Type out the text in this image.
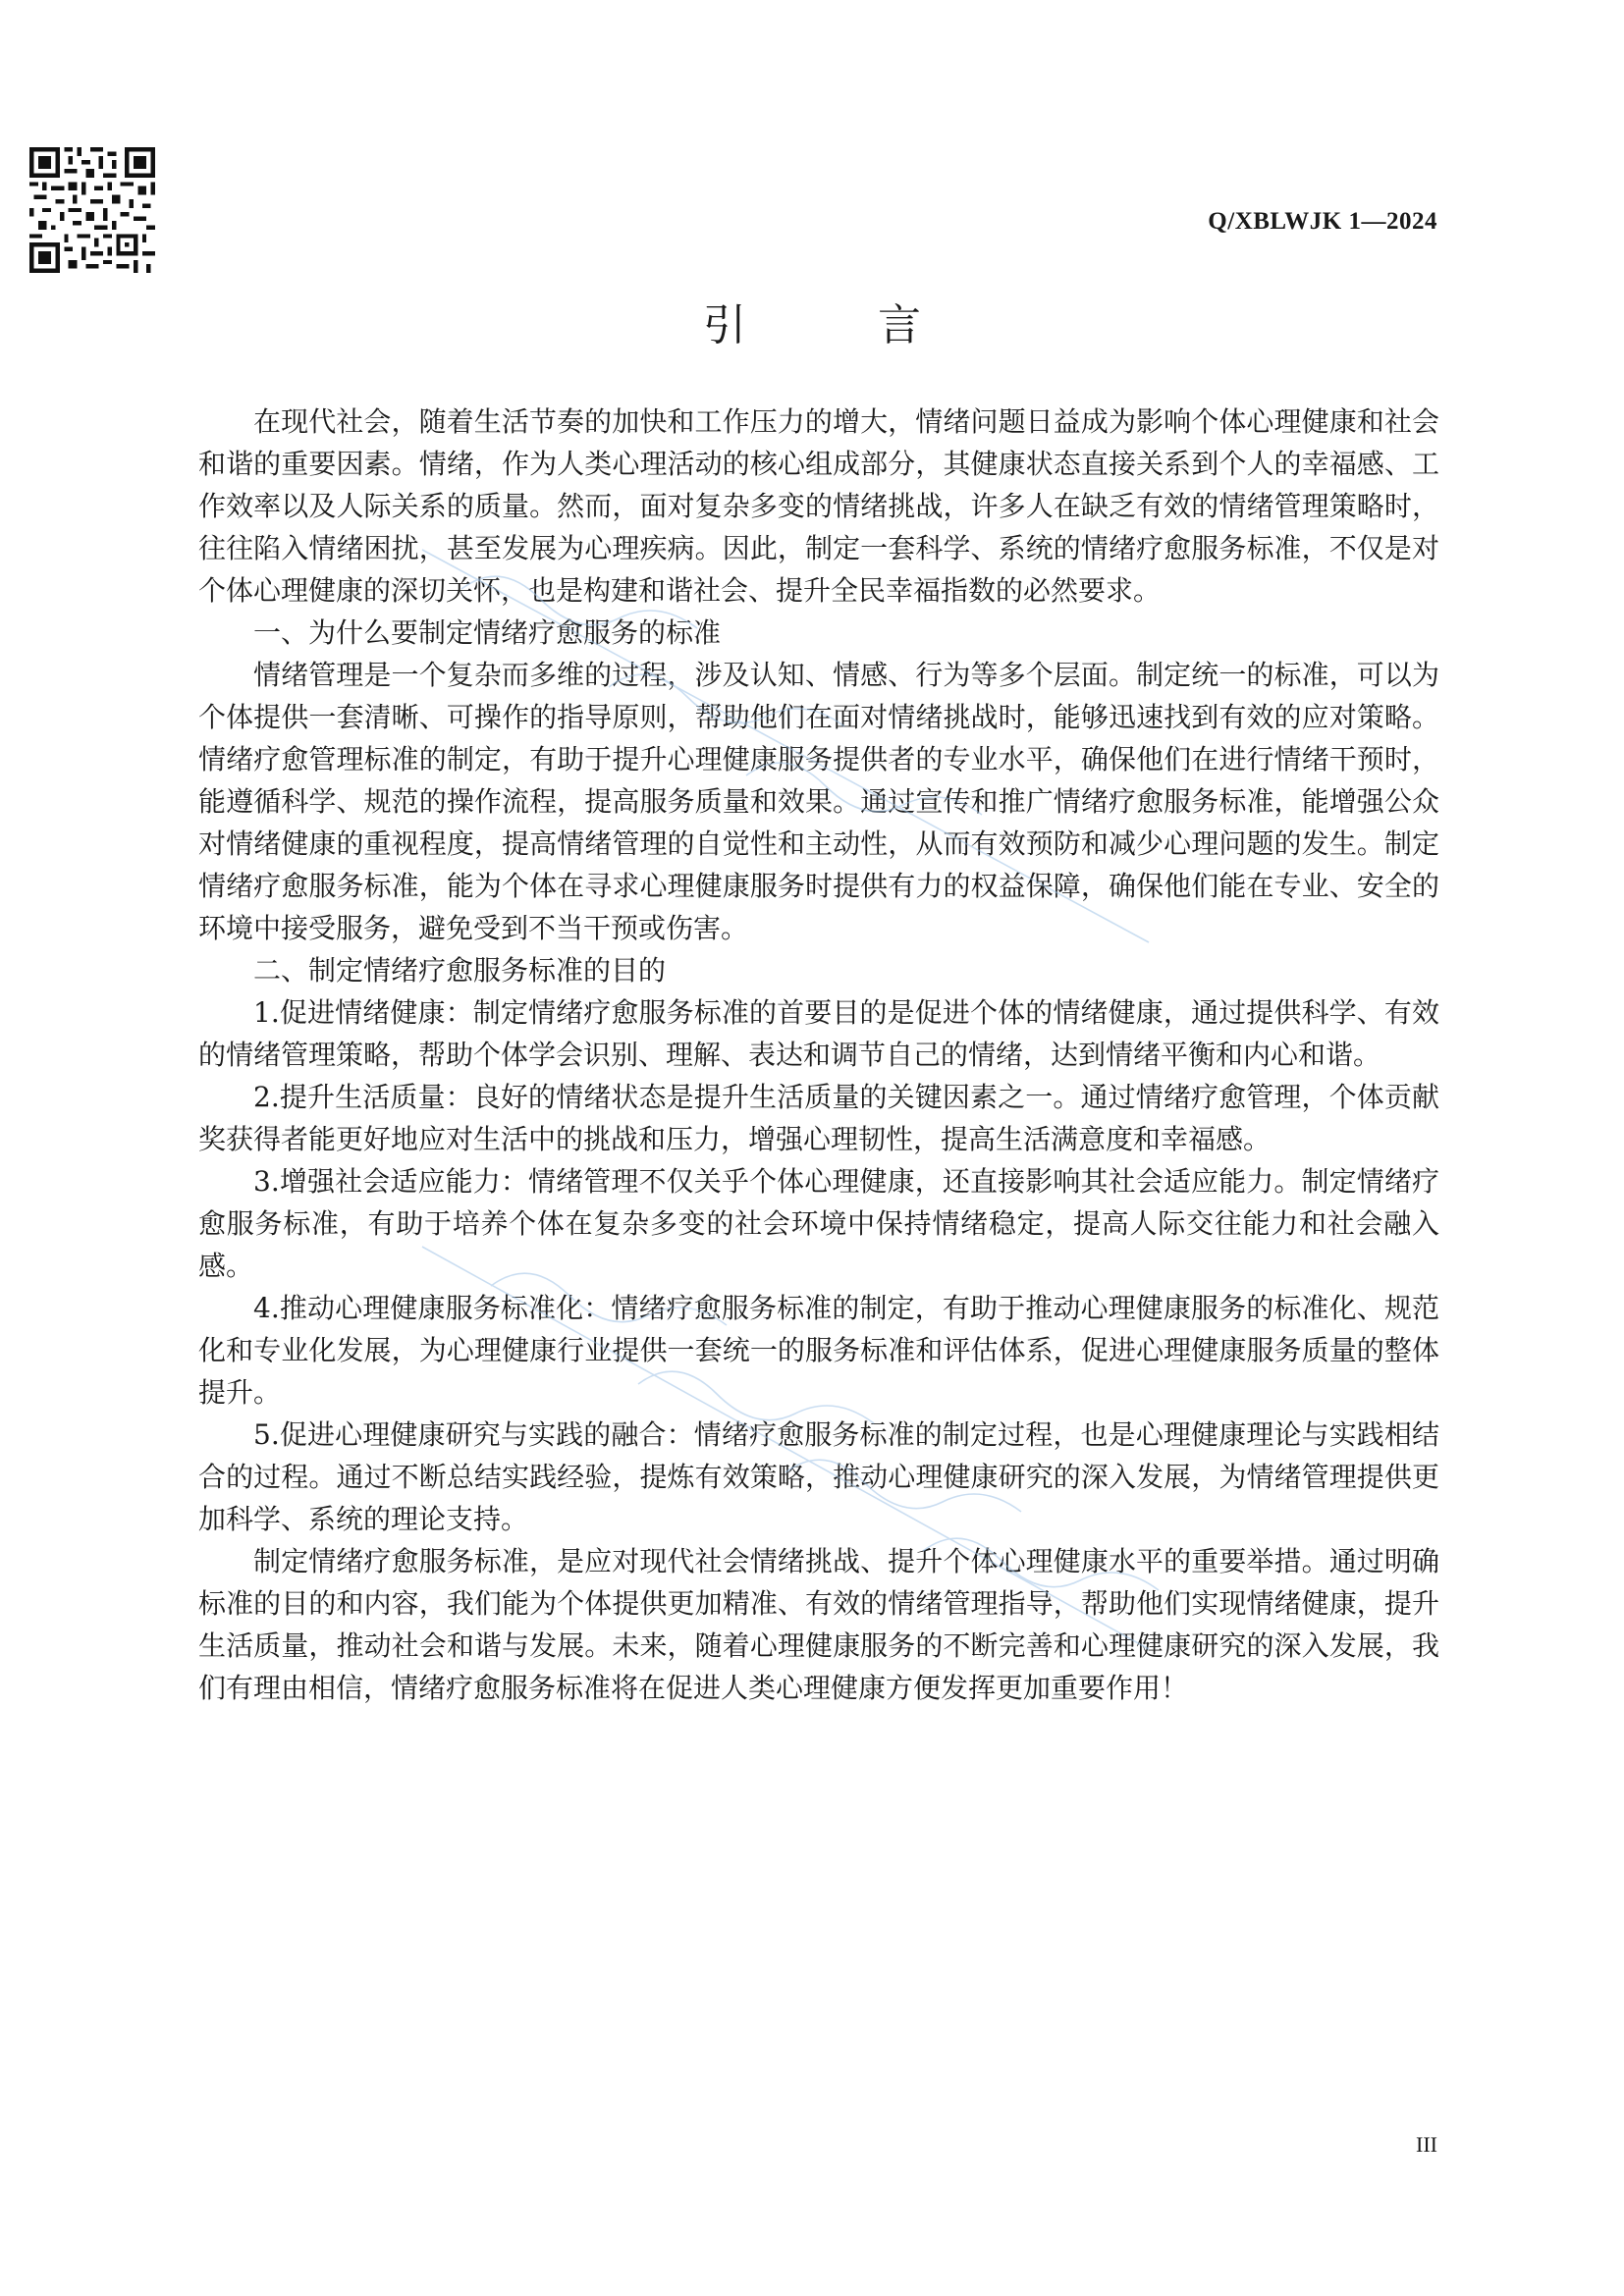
Q/XBLWJK 1—2024
引 言

在现代社会，随着生活节奏的加快和工作压力的增大，情绪问题日益成为影响个体心理健康和社会和谐的重要因素。情绪，作为人类心理活动的核心组成部分，其健康状态直接关系到个人的幸福感、工作效率以及人际关系的质量。然而，面对复杂多变的情绪挑战，许多人在缺乏有效的情绪管理策略时，往往陷入情绪困扰，甚至发展为心理疾病。因此，制定一套科学、系统的情绪疗愈服务标准，不仅是对个体心理健康的深切关怀，也是构建和谐社会、提升全民幸福指数的必然要求。

一、为什么要制定情绪疗愈服务的标准

情绪管理是一个复杂而多维的过程，涉及认知、情感、行为等多个层面。制定统一的标准，可以为个体提供一套清晰、可操作的指导原则，帮助他们在面对情绪挑战时，能够迅速找到有效的应对策略。情绪疗愈管理标准的制定，有助于提升心理健康服务提供者的专业水平，确保他们在进行情绪干预时，能遵循科学、规范的操作流程，提高服务质量和效果。通过宣传和推广情绪疗愈服务标准，能增强公众对情绪健康的重视程度，提高情绪管理的自觉性和主动性，从而有效预防和减少心理问题的发生。制定情绪疗愈服务标准，能为个体在寻求心理健康服务时提供有力的权益保障，确保他们能在专业、安全的环境中接受服务，避免受到不当干预或伤害。

二、制定情绪疗愈服务标准的目的

1.促进情绪健康：制定情绪疗愈服务标准的首要目的是促进个体的情绪健康，通过提供科学、有效的情绪管理策略，帮助个体学会识别、理解、表达和调节自己的情绪，达到情绪平衡和内心和谐。

2.提升生活质量：良好的情绪状态是提升生活质量的关键因素之一。通过情绪疗愈管理，个体贡献奖获得者能更好地应对生活中的挑战和压力，增强心理韧性，提高生活满意度和幸福感。

3.增强社会适应能力：情绪管理不仅关乎个体心理健康，还直接影响其社会适应能力。制定情绪疗愈服务标准，有助于培养个体在复杂多变的社会环境中保持情绪稳定，提高人际交往能力和社会融入感。

4.推动心理健康服务标准化：情绪疗愈服务标准的制定，有助于推动心理健康服务的标准化、规范化和专业化发展，为心理健康行业提供一套统一的服务标准和评估体系，促进心理健康服务质量的整体提升。

5.促进心理健康研究与实践的融合：情绪疗愈服务标准的制定过程，也是心理健康理论与实践相结合的过程。通过不断总结实践经验，提炼有效策略，推动心理健康研究的深入发展，为情绪管理提供更加科学、系统的理论支持。

制定情绪疗愈服务标准，是应对现代社会情绪挑战、提升个体心理健康水平的重要举措。通过明确标准的目的和内容，我们能为个体提供更加精准、有效的情绪管理指导，帮助他们实现情绪健康，提升生活质量，推动社会和谐与发展。未来，随着心理健康服务的不断完善和心理健康研究的深入发展，我们有理由相信，情绪疗愈服务标准将在促进人类心理健康方便发挥更加重要作用！

III
